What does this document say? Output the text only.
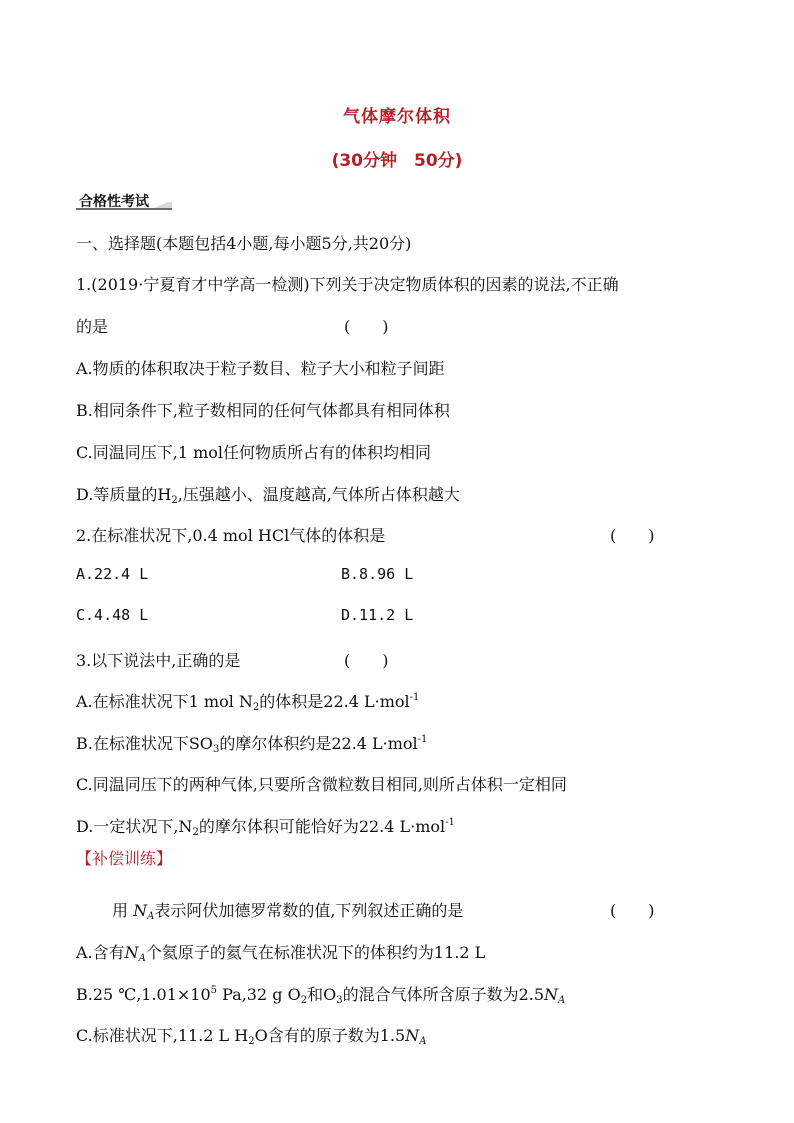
气体摩尔体积
(30分钟　50分)
合格性考试
一、选择题(本题包括4小题,每小题5分,共20分)
1.(2019·宁夏育才中学高一检测)下列关于决定物质体积的因素的说法,不正确
的是	(　　)
A.物质的体积取决于粒子数目、粒子大小和粒子间距
B.相同条件下,粒子数相同的任何气体都具有相同体积
C.同温同压下,1 mol任何物质所占有的体积均相同
D.等质量的$H_2$,压强越小、温度越高,气体所占体积越大
2.在标准状况下,0.4 mol HCl气体的体积是	(　　)
A.22.4 L	B.8.96 L
C.4.48 L	D.11.2 L
3.以下说法中,正确的是	(　　)
A.在标准状况下1 mol $N_2$的体积是22.4 L·mol$^{-1}$
B.在标准状况下$SO_3$的摩尔体积约是22.4 L·mol$^{-1}$
C.同温同压下的两种气体,只要所含微粒数目相同,则所占体积一定相同
D.一定状况下$,N_2$的摩尔体积可能恰好为22.4 L·mol$^{-1}$
【补偿训练】
用 $N_A$表示阿伏加德罗常数的值,下列叙述正确的是	(　　)
A.含有$N_A$个氦原子的氦气在标准状况下的体积约为11.2 L
B.25 $℃,1.01\times 10^5$ Pa,32 g $O_2$和$O_3$的混合气体所含原子数为$2.5N_A$
C.标准状况下,11.2 L $H_2O$含有的原子数为$1.5N_A$
